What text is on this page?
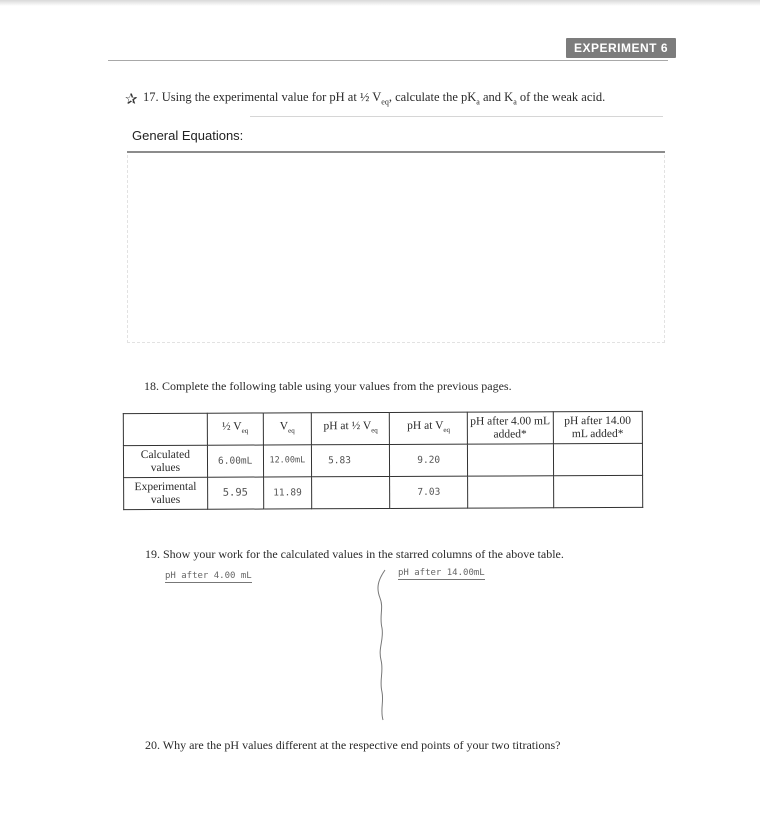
EXPERIMENT 6
✰ 17. Using the experimental value for pH at ½ $V_{eq}$, calculate the $pK_a$ and $K_a$ of the weak acid.
General Equations:
18. Complete the following table using your values from the previous pages.
	½ $V_{eq}$	$V_{eq}$	pH at ½ $V_{eq}$	pH at $V_{eq}$	pH after 4.00 mL added*	pH after 14.00 mL added*
Calculated values	6.00mL	12.00mL	5.83	9.20		
Experimental values	5.95	11.89		7.03		
19. Show your work for the calculated values in the starred columns of the above table.
pH after 4.00 mL	pH after 14.00mL
20. Why are the pH values different at the respective end points of your two titrations?
